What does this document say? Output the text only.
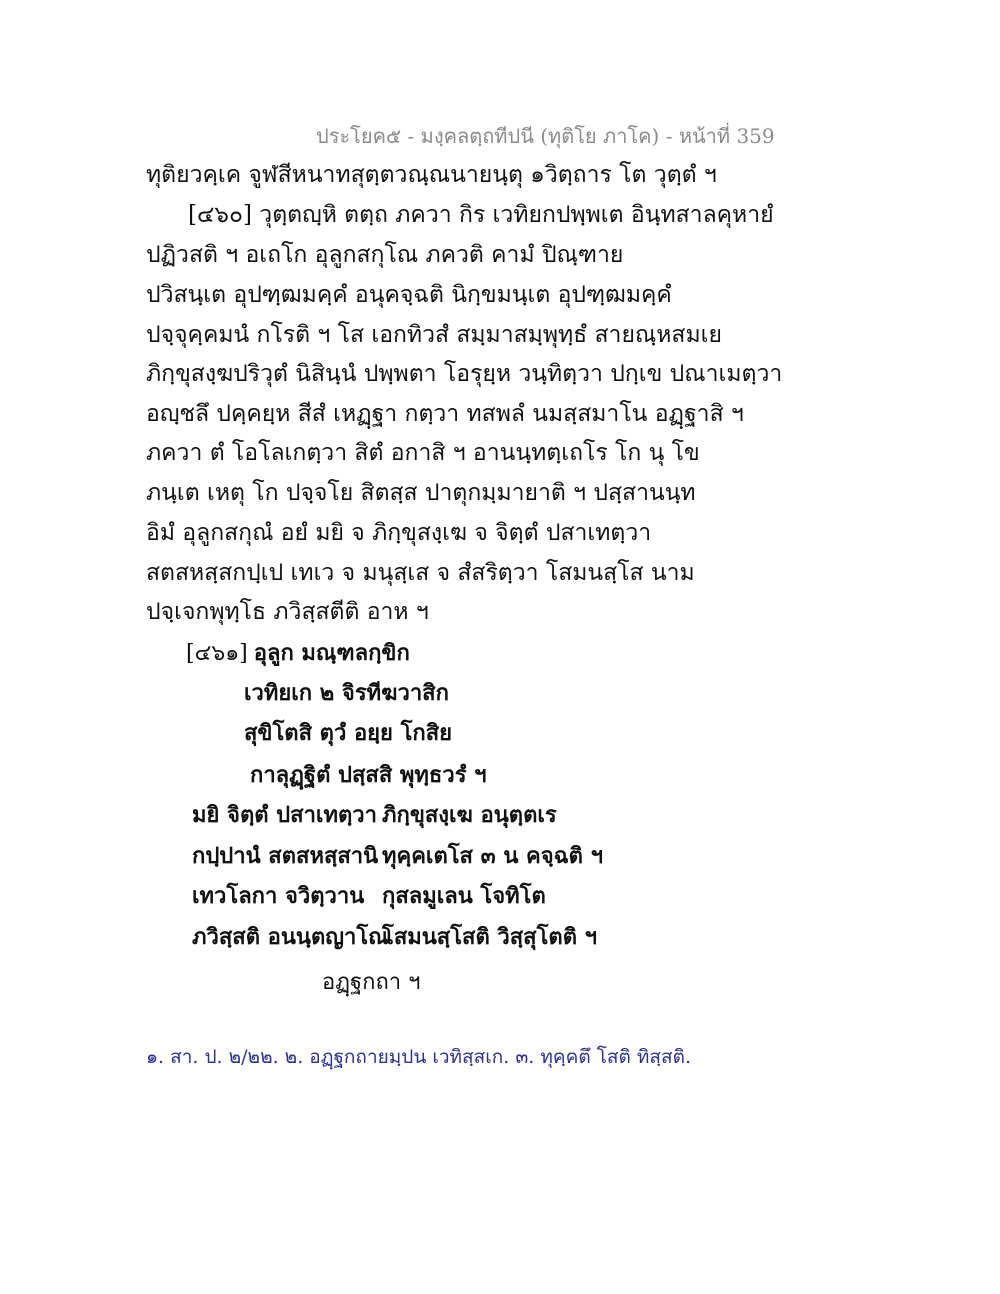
ประโยค๕ - มงฺคลตฺถทีปนี (ทุติโย ภาโค) - หน้าที่ 359
ทุติยวคฺเค จูฬสีหนาทสุตฺตวณฺณนายนฺตุ ๑วิตฺถาร โต วุตฺตํ ฯ
[๔๖๐] วุตฺตญฺหิ ตตฺถ ภควา กิร เวทิยกปพฺพเต อินฺทสาลคุหายํ
ปฏิวสติ ฯ อเถโก อุลูกสกุโณ ภควติ คามํ ปิณฺฑาย
ปวิสนฺเต อุปฑฺฒมคฺคํ อนุคจฺฉติ นิกฺขมนฺเต อุปฑฺฒมคฺคํ
ปจฺจุคฺคมนํ กโรติ ฯ โส เอกทิวสํ สมฺมาสมฺพุทฺธํ สายณฺหสมเย
ภิกฺขุสงฺฆปริวุตํ นิสินฺนํ ปพฺพตา โอรุยฺห วนฺทิตฺวา ปกฺเข ปณาเมตฺวา
อญฺชลึ ปคฺคยฺห สีสํ เหฏฺฐา กตฺวา ทสพลํ นมสฺสมาโน อฏฺฐาสิ ฯ
ภควา ตํ โอโลเกตฺวา สิตํ อกาสิ ฯ อานนฺทตฺเถโร โก นุ โข
ภนฺเต เหตุ โก ปจฺจโย สิตสฺส ปาตุกมฺมายาติ ฯ ปสฺสานนฺท
อิมํ อุลูกสกุณํ อยํ มยิ จ ภิกฺขุสงฺเฆ จ จิตฺตํ ปสาเทตฺวา
สตสหสฺสกปฺเป เทเว จ มนุสฺเส จ สํสริตฺวา โสมนสฺโส นาม
ปจฺเจกพุทฺโธ ภวิสฺสตีติ อาห ฯ
[๔๖๑] อุลูก มณฺฑลกฺขิก
เวทิยเก ๒ จิรทีฆวาสิก
สุขิโตสิ ตุวํ อยฺย โกสิย
กาลุฏฺฐิตํ ปสฺสสิ พุทฺธวรํ ฯ
มยิ จิตฺตํ ปสาเทตฺวา ภิกฺขุสงฺเฆ อนุตฺตเร
กปฺปานํ สตสหสฺสานิ ทุคฺคเตโส ๓ น คจฺฉติ ฯ
เทวโลกา จวิตฺวาน กุสลมูเลน โจทิโต
ภวิสฺสติ อนนฺตญาโณโสมนสฺโสติ วิสฺสุโตติ ฯ
อฏฺฐกถา ฯ
๑. สา. ป. ๒/๒๒. ๒. อฏฺฐกถายมฺปน เวทิสฺสเก. ๓. ทุคฺคตึ โสติ ทิสฺสติ.
